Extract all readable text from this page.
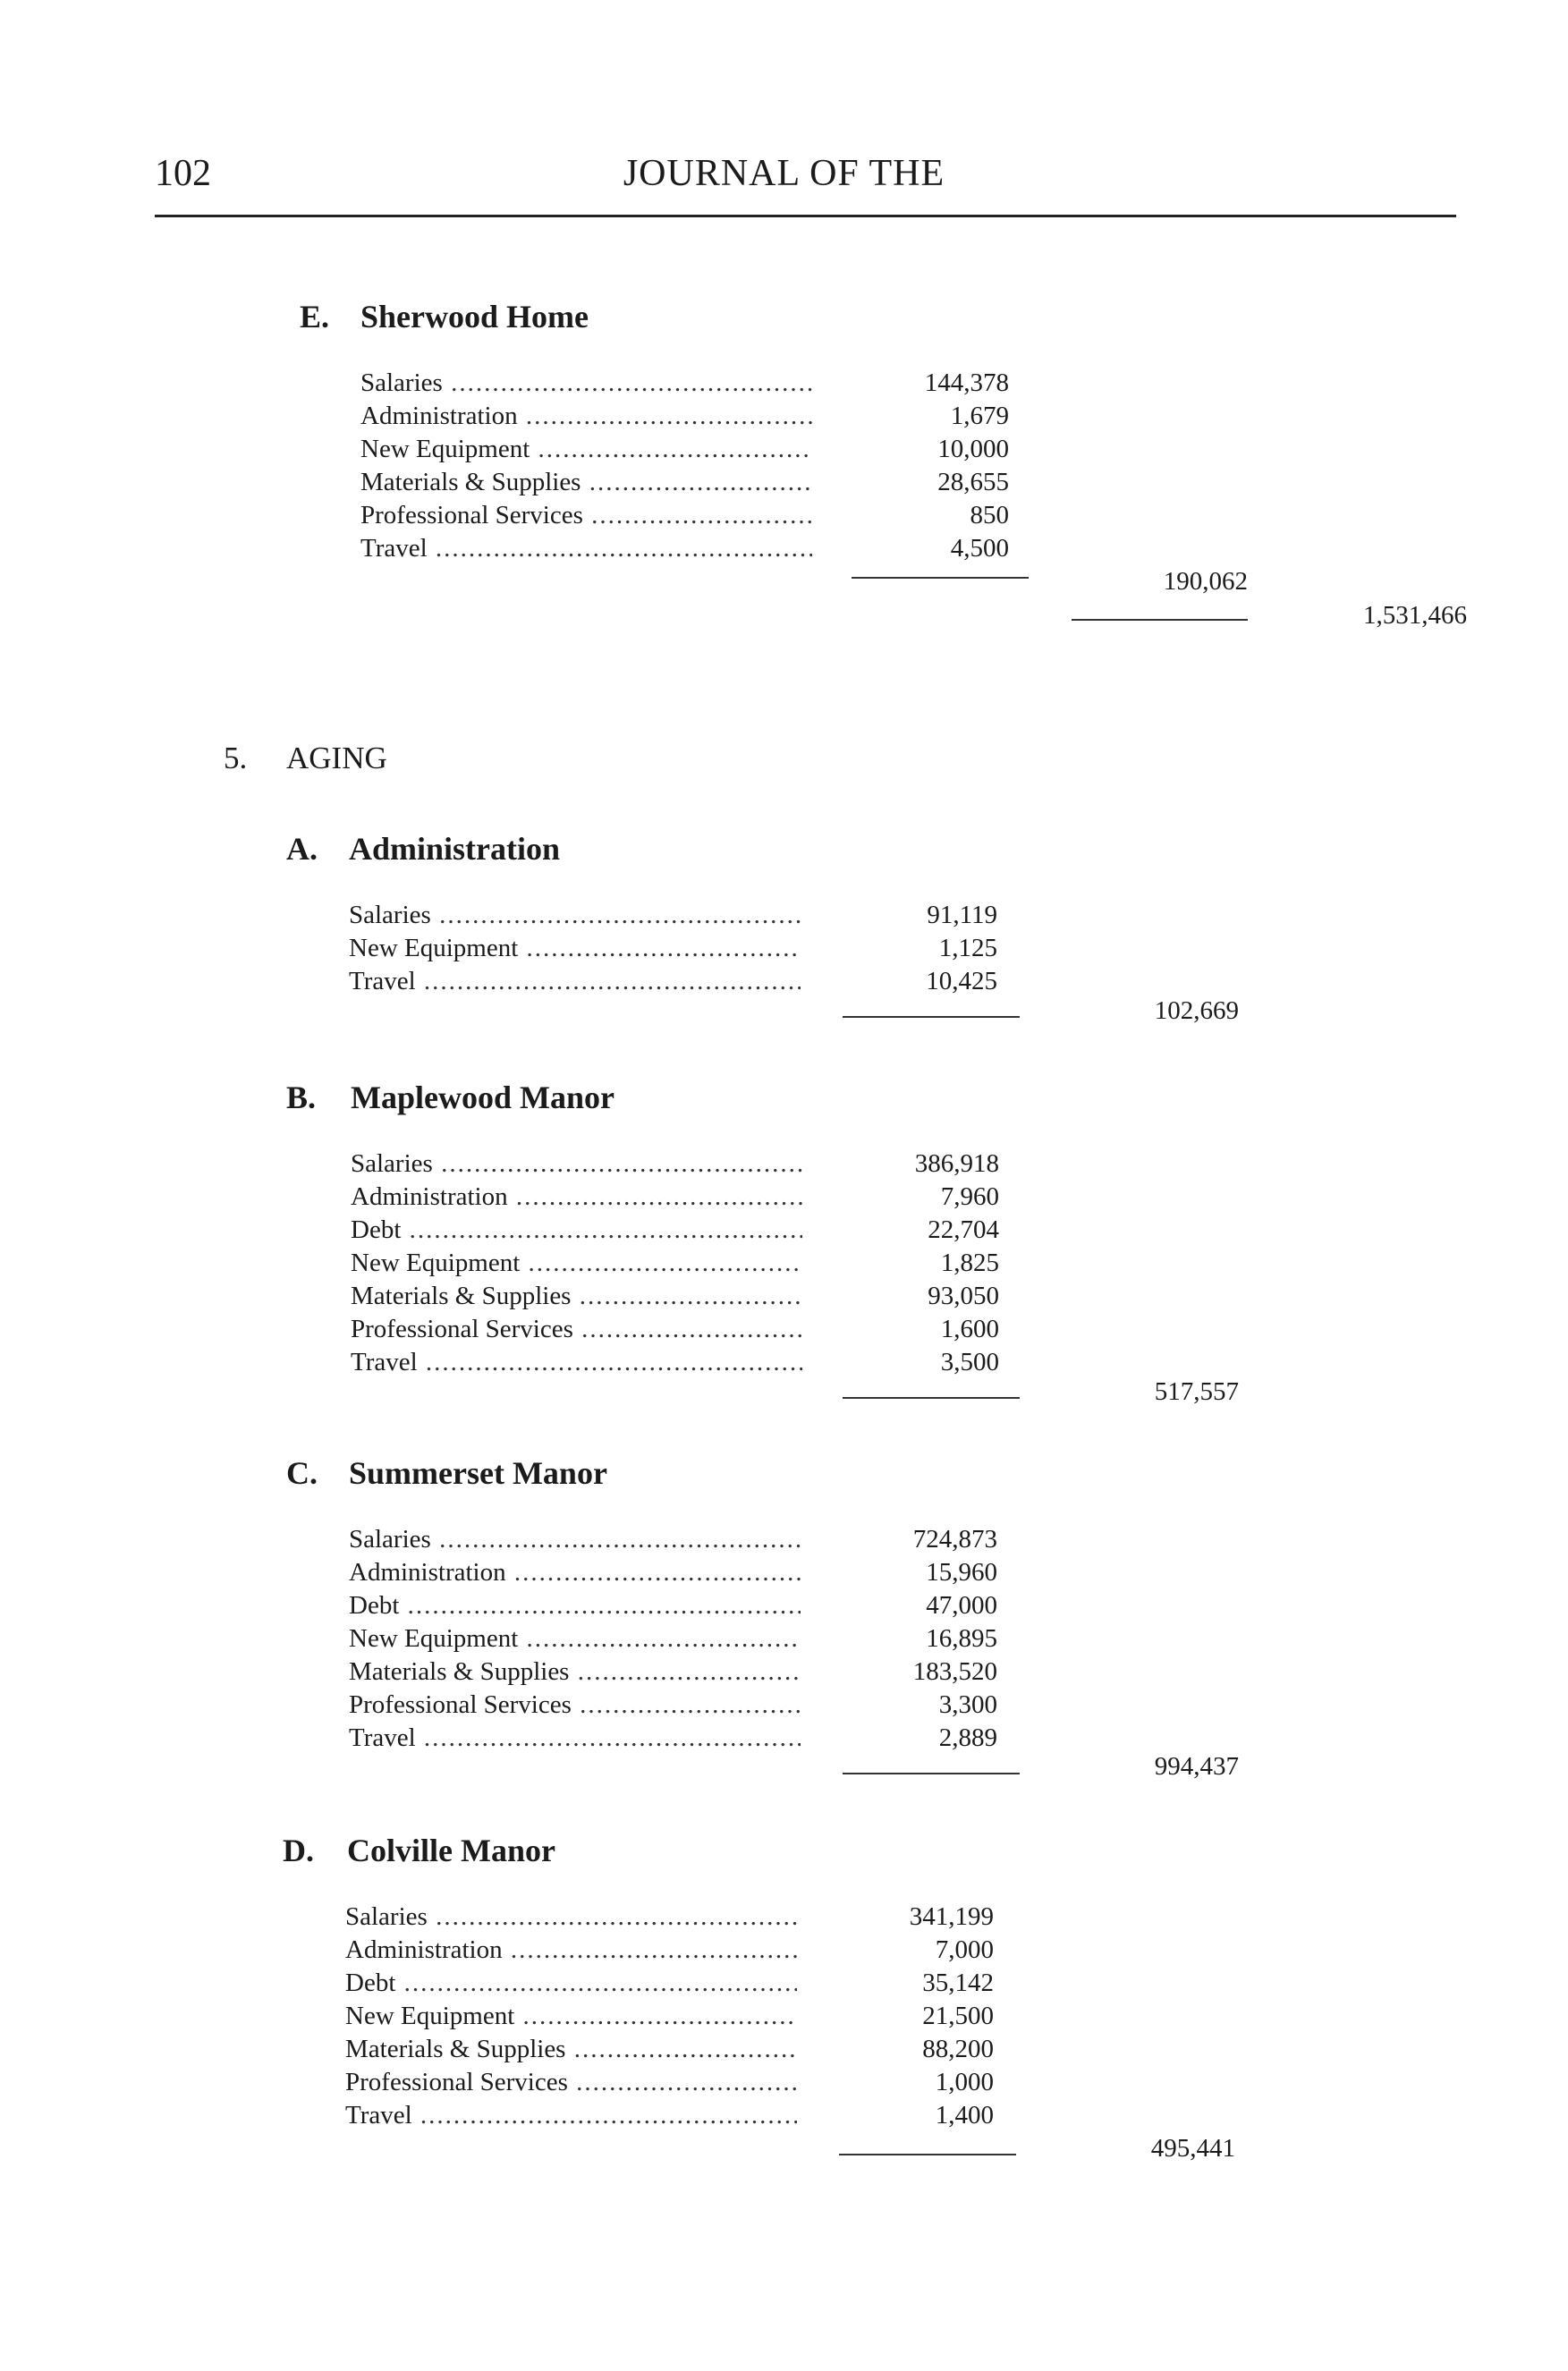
102	JOURNAL OF THE
E. Sherwood Home
Salaries .....	144,378
Administration .....	1,679
New Equipment .....	10,000
Materials & Supplies .....	28,655
Professional Services .....	850
Travel .....	4,500
190,062
1,531,466
5. AGING
A. Administration
Salaries .....	91,119
New Equipment .....	1,125
Travel .....	10,425
102,669
B. Maplewood Manor
Salaries .....	386,918
Administration .....	7,960
Debt .....	22,704
New Equipment .....	1,825
Materials & Supplies .....	93,050
Professional Services .....	1,600
Travel .....	3,500
517,557
C. Summerset Manor
Salaries .....	724,873
Administration .....	15,960
Debt .....	47,000
New Equipment .....	16,895
Materials & Supplies .....	183,520
Professional Services .....	3,300
Travel .....	2,889
994,437
D. Colville Manor
Salaries .....	341,199
Administration .....	7,000
Debt .....	35,142
New Equipment .....	21,500
Materials & Supplies .....	88,200
Professional Services .....	1,000
Travel .....	1,400
495,441
